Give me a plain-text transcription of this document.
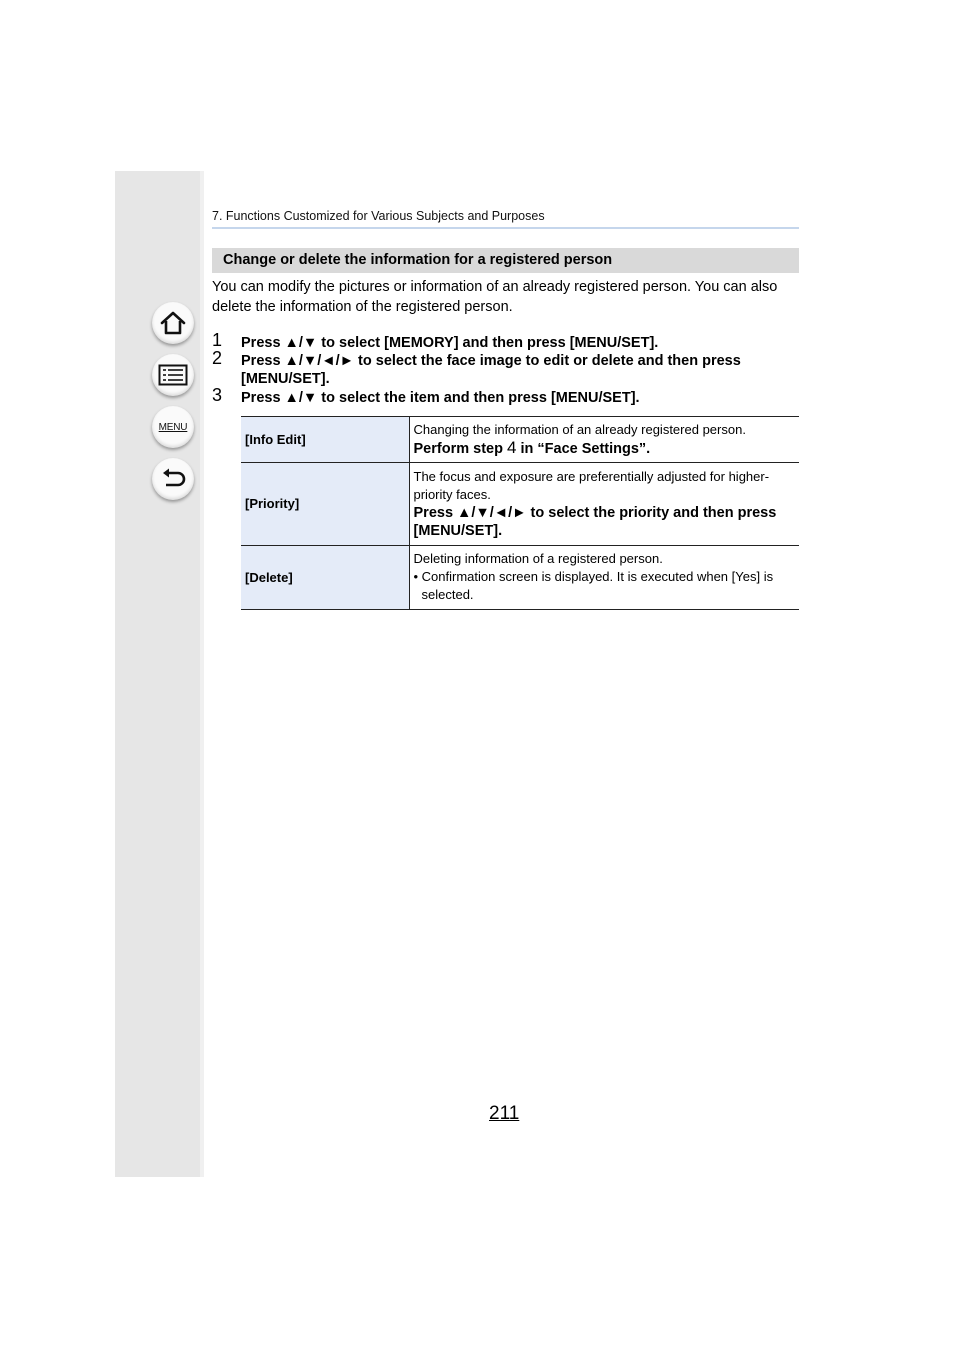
MENU
7. Functions Customized for Various Subjects and Purposes
Change or delete the information for a registered person
You can modify the pictures or information of an already registered person. You can also delete the information of the registered person.
1 Press ▲/▼ to select [MEMORY] and then press [MENU/SET].
2 Press ▲/▼/◄/► to select the face image to edit or delete and then press [MENU/SET].
3 Press ▲/▼ to select the item and then press [MENU/SET].
[Info Edit]	Changing the information of an already registered person.
Perform step 4 in “Face Settings”.

[Priority]	The focus and exposure are preferentially adjusted for higher-priority faces.
Press ▲/▼/◄/► to select the priority and then press [MENU/SET].

[Delete]	Deleting information of a registered person.
• Confirmation screen is displayed. It is executed when [Yes] is selected.
211
